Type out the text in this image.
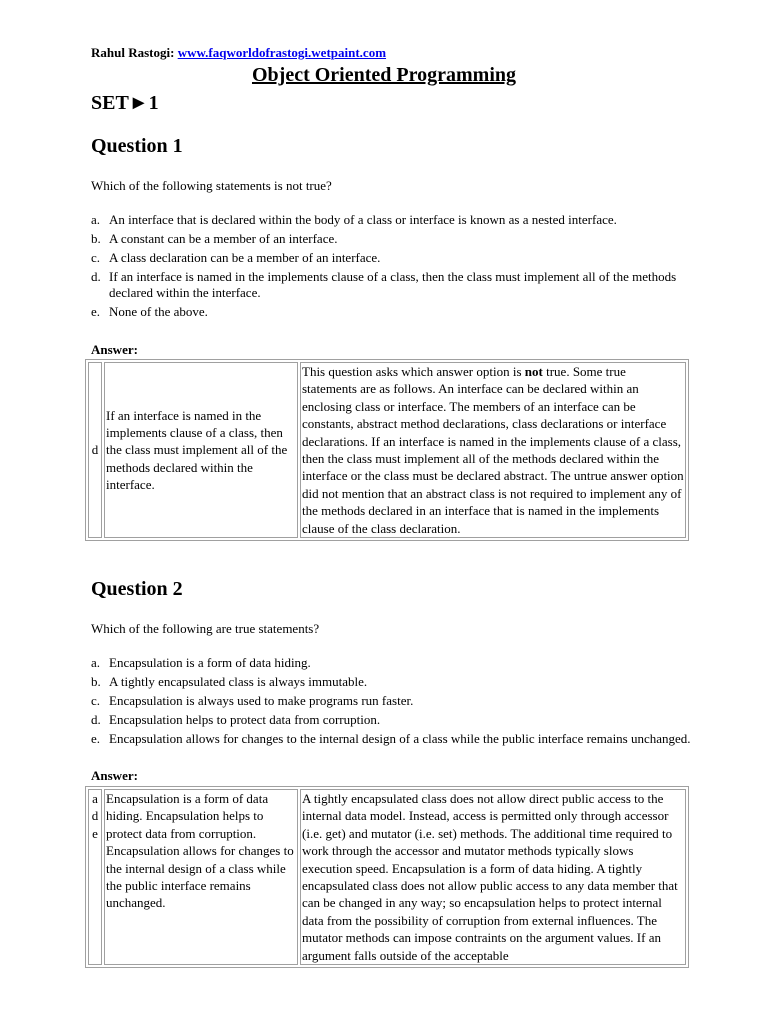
Rahul Rastogi: www.faqworldofrastogi.wetpaint.com
Object Oriented Programming
SET►1
Question 1
Which of the following statements is not true?
a. An interface that is declared within the body of a class or interface is known as a nested interface.
b. A constant can be a member of an interface.
c. A class declaration can be a member of an interface.
d. If an interface is named in the implements clause of a class, then the class must implement all of the methods declared within the interface.
e. None of the above.
Answer:
d	If an interface is named in the implements clause of a class, then the class must implement all of the methods declared within the interface.	This question asks which answer option is not true. Some true statements are as follows. An interface can be declared within an enclosing class or interface. The members of an interface can be constants, abstract method declarations, class declarations or interface declarations. If an interface is named in the implements clause of a class, then the class must implement all of the methods declared within the interface or the class must be declared abstract. The untrue answer option did not mention that an abstract class is not required to implement any of the methods declared in an interface that is named in the implements clause of the class declaration.
Question 2
Which of the following are true statements?
a. Encapsulation is a form of data hiding.
b. A tightly encapsulated class is always immutable.
c. Encapsulation is always used to make programs run faster.
d. Encapsulation helps to protect data from corruption.
e. Encapsulation allows for changes to the internal design of a class while the public interface remains unchanged.
Answer:
a d e	Encapsulation is a form of data hiding. Encapsulation helps to protect data from corruption. Encapsulation allows for changes to the internal design of a class while the public interface remains unchanged.	A tightly encapsulated class does not allow direct public access to the internal data model. Instead, access is permitted only through accessor (i.e. get) and mutator (i.e. set) methods. The additional time required to work through the accessor and mutator methods typically slows execution speed. Encapsulation is a form of data hiding. A tightly encapsulated class does not allow public access to any data member that can be changed in any way; so encapsulation helps to protect internal data from the possibility of corruption from external influences. The mutator methods can impose contraints on the argument values. If an argument falls outside of the acceptable
